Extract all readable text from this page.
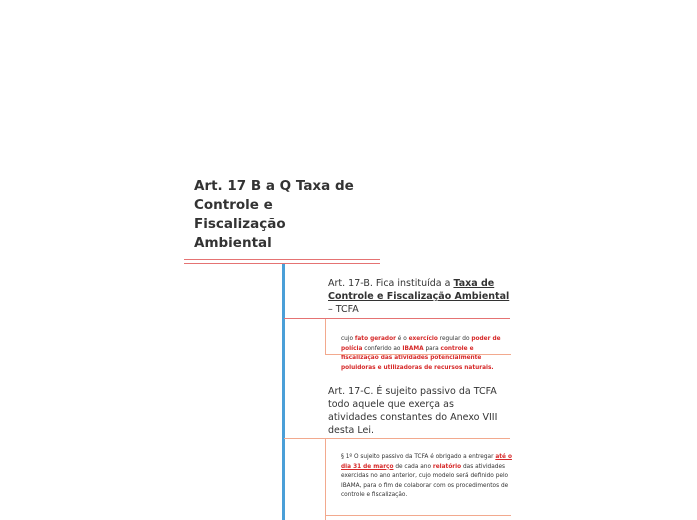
Art. 17 B a Q Taxa de
Controle e
Fiscalização
Ambiental
Art. 17-B. Fica instituída a Taxa de Controle e Fiscalização Ambiental – TCFA
cujo fato gerador é o exercício regular do poder de polícia conferido ao IBAMA para controle e fiscalização das atividades potencialmente poluidoras e utilizadoras de recursos naturais.
Art. 17-C. É sujeito passivo da TCFA todo aquele que exerça as atividades constantes do Anexo VIII desta Lei.
§ 1º O sujeito passivo da TCFA é obrigado a entregar até o dia 31 de março de cada ano relatório das atividades exercidas no ano anterior, cujo modelo será definido pelo IBAMA, para o fim de colaborar com os procedimentos de controle e fiscalização.
